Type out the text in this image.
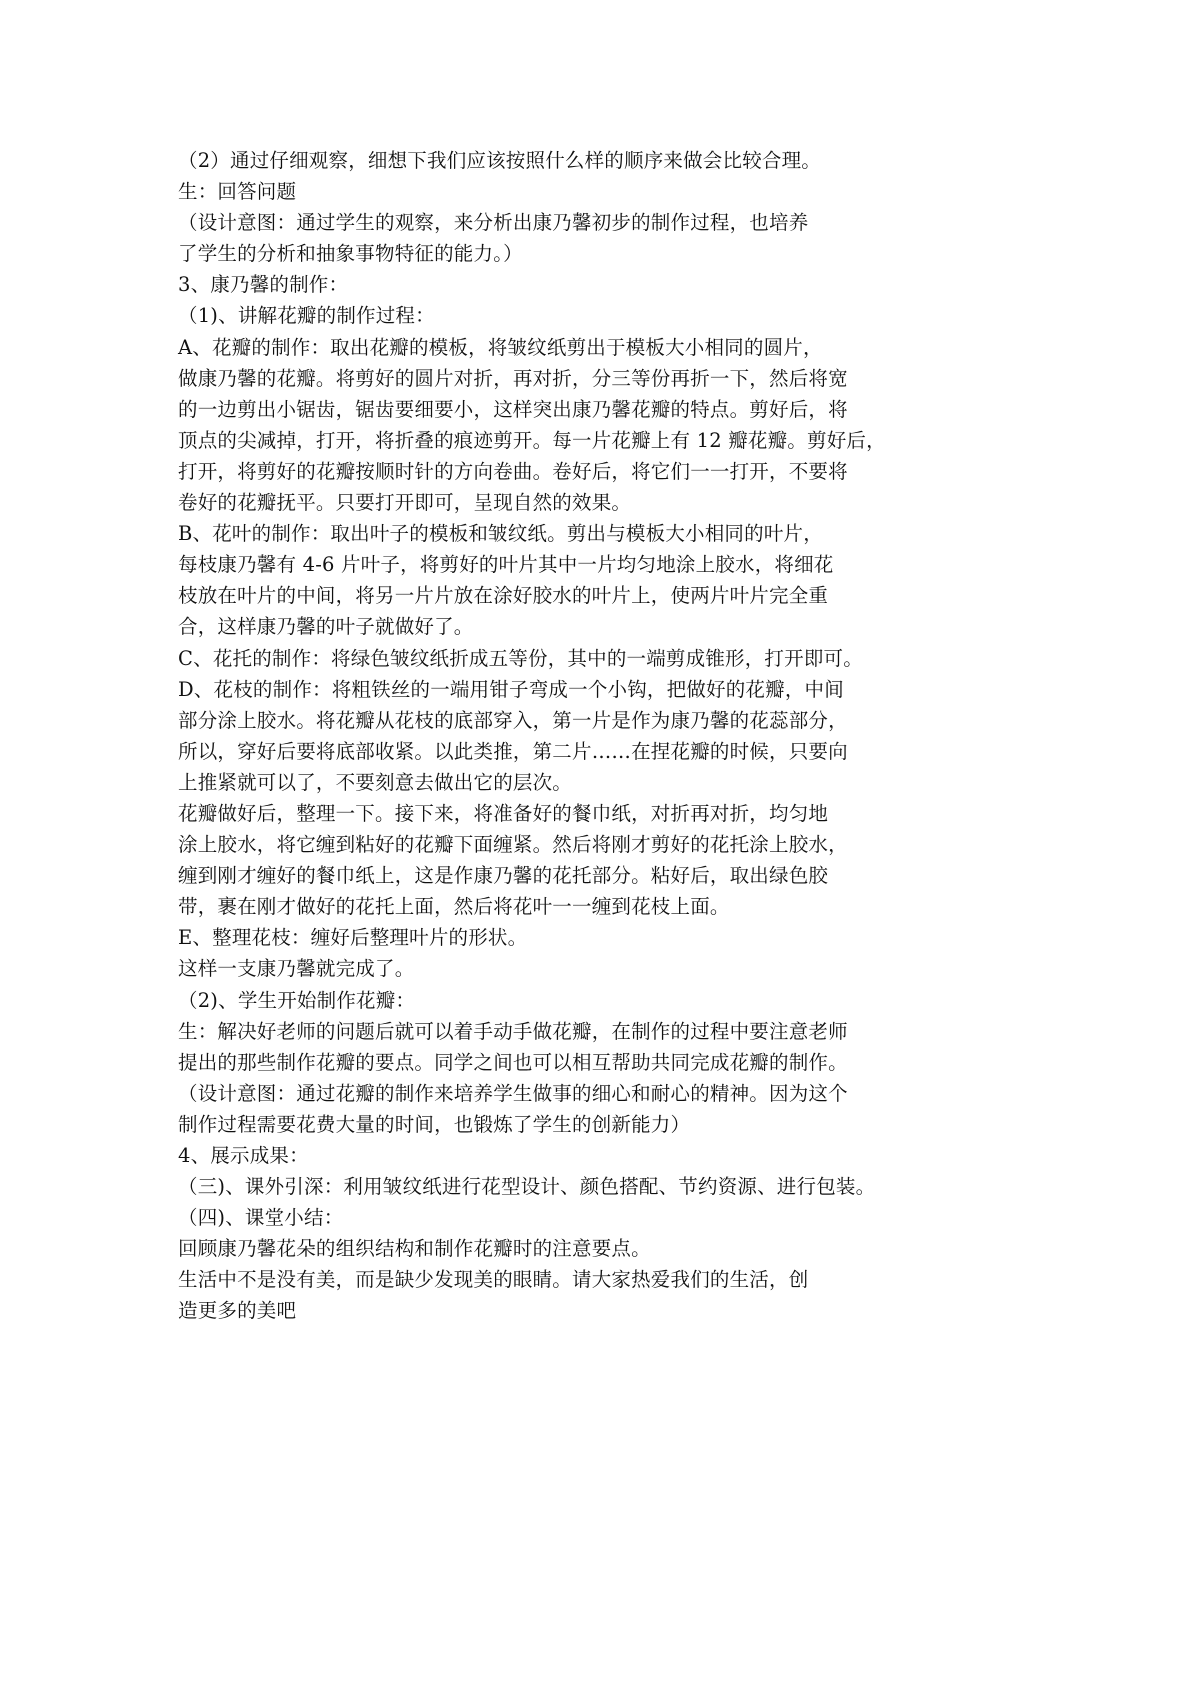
（2）通过仔细观察，细想下我们应该按照什么样的顺序来做会比较合理。
生：回答问题
（设计意图：通过学生的观察，来分析出康乃馨初步的制作过程，也培养
了学生的分析和抽象事物特征的能力。）
3、康乃馨的制作：
（1)、讲解花瓣的制作过程：
A、花瓣的制作：取出花瓣的模板，将皱纹纸剪出于模板大小相同的圆片，
做康乃馨的花瓣。将剪好的圆片对折，再对折，分三等份再折一下，然后将宽
的一边剪出小锯齿，锯齿要细要小，这样突出康乃馨花瓣的特点。剪好后，将
顶点的尖减掉，打开，将折叠的痕迹剪开。每一片花瓣上有 12 瓣花瓣。剪好后，
打开，将剪好的花瓣按顺时针的方向卷曲。卷好后，将它们一一打开，不要将
卷好的花瓣抚平。只要打开即可，呈现自然的效果。
B、花叶的制作：取出叶子的模板和皱纹纸。剪出与模板大小相同的叶片，
每枝康乃馨有 4-6 片叶子，将剪好的叶片其中一片均匀地涂上胶水，将细花
枝放在叶片的中间，将另一片片放在涂好胶水的叶片上，使两片叶片完全重
合，这样康乃馨的叶子就做好了。
C、花托的制作：将绿色皱纹纸折成五等份，其中的一端剪成锥形，打开即可。
D、花枝的制作：将粗铁丝的一端用钳子弯成一个小钩，把做好的花瓣，中间
部分涂上胶水。将花瓣从花枝的底部穿入，第一片是作为康乃馨的花蕊部分，
所以，穿好后要将底部收紧。以此类推，第二片……在捏花瓣的时候，只要向
上推紧就可以了，不要刻意去做出它的层次。
花瓣做好后，整理一下。接下来，将准备好的餐巾纸，对折再对折，均匀地
涂上胶水，将它缠到粘好的花瓣下面缠紧。然后将刚才剪好的花托涂上胶水，
缠到刚才缠好的餐巾纸上，这是作康乃馨的花托部分。粘好后，取出绿色胶
带，裹在刚才做好的花托上面，然后将花叶一一缠到花枝上面。
E、整理花枝：缠好后整理叶片的形状。
这样一支康乃馨就完成了。
（2)、学生开始制作花瓣：
生：解决好老师的问题后就可以着手动手做花瓣，在制作的过程中要注意老师
提出的那些制作花瓣的要点。同学之间也可以相互帮助共同完成花瓣的制作。
（设计意图：通过花瓣的制作来培养学生做事的细心和耐心的精神。因为这个
制作过程需要花费大量的时间，也锻炼了学生的创新能力）
4、展示成果：
（三)、课外引深：利用皱纹纸进行花型设计、颜色搭配、节约资源、进行包装。
（四)、课堂小结：
回顾康乃馨花朵的组织结构和制作花瓣时的注意要点。
生活中不是没有美，而是缺少发现美的眼睛。请大家热爱我们的生活，创
造更多的美吧
